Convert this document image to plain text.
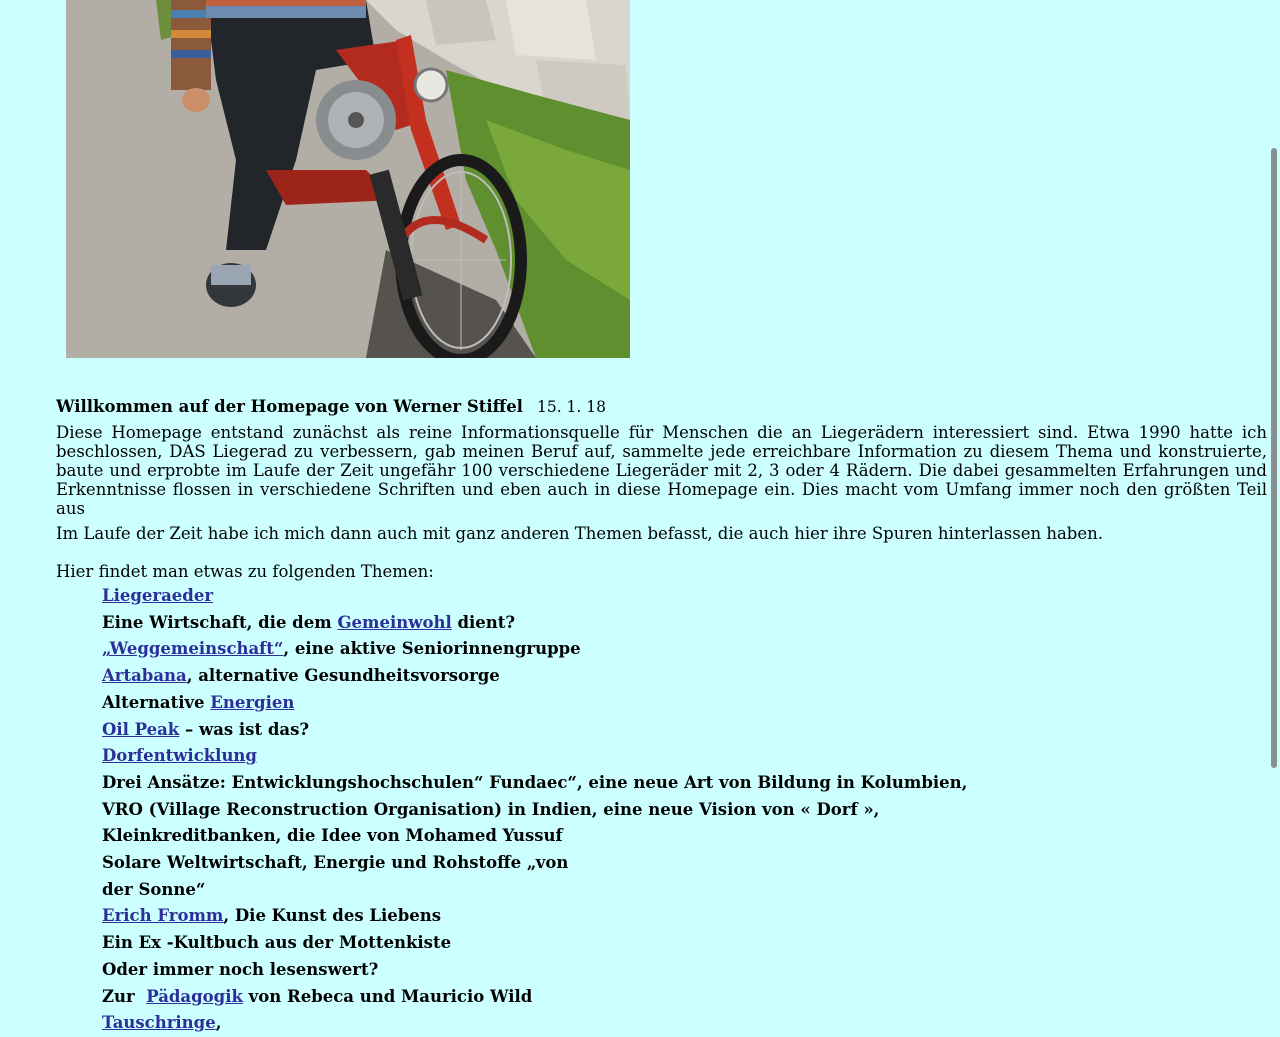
Willkommen auf der Homepage von Werner Stiffel 15. 1. 18

Diese Homepage entstand zunächst als reine Informationsquelle für Menschen die an Liegerädern interessiert sind. Etwa 1990 hatte ich beschlossen, DAS Liegerad zu verbessern, gab meinen Beruf auf, sammelte jede erreichbare Information zu diesem Thema und konstruierte, baute und erprobte im Laufe der Zeit ungefähr 100 verschiedene Liegeräder mit 2, 3 oder 4 Rädern. Die dabei gesammelten Erfahrungen und Erkenntnisse flossen in verschiedene Schriften und eben auch in diese Homepage ein. Dies macht vom Umfang immer noch den größten Teil aus

Im Laufe der Zeit habe ich mich dann auch mit ganz anderen Themen befasst, die auch hier ihre Spuren hinterlassen haben.

Hier findet man etwas zu folgenden Themen:

Liegeraeder
Eine Wirtschaft, die dem Gemeinwohl dient?
„Weggemeinschaft“, eine aktive Seniorinnengruppe
Artabana, alternative Gesundheitsvorsorge
Alternative Energien
Oil Peak – was ist das?
Dorfentwicklung
Drei Ansätze: Entwicklungshochschulen“ Fundaec“, eine neue Art von Bildung in Kolumbien,
VRO (Village Reconstruction Organisation) in Indien, eine neue Vision von « Dorf »,
Kleinkreditbanken, die Idee von Mohamed Yussuf
Solare Weltwirtschaft, Energie und Rohstoffe „von
der Sonne“
Erich Fromm, Die Kunst des Liebens
Ein Ex -Kultbuch aus der Mottenkiste
Oder immer noch lesenswert?
Zur  Pädagogik von Rebeca und Mauricio Wild
Tauschringe,
